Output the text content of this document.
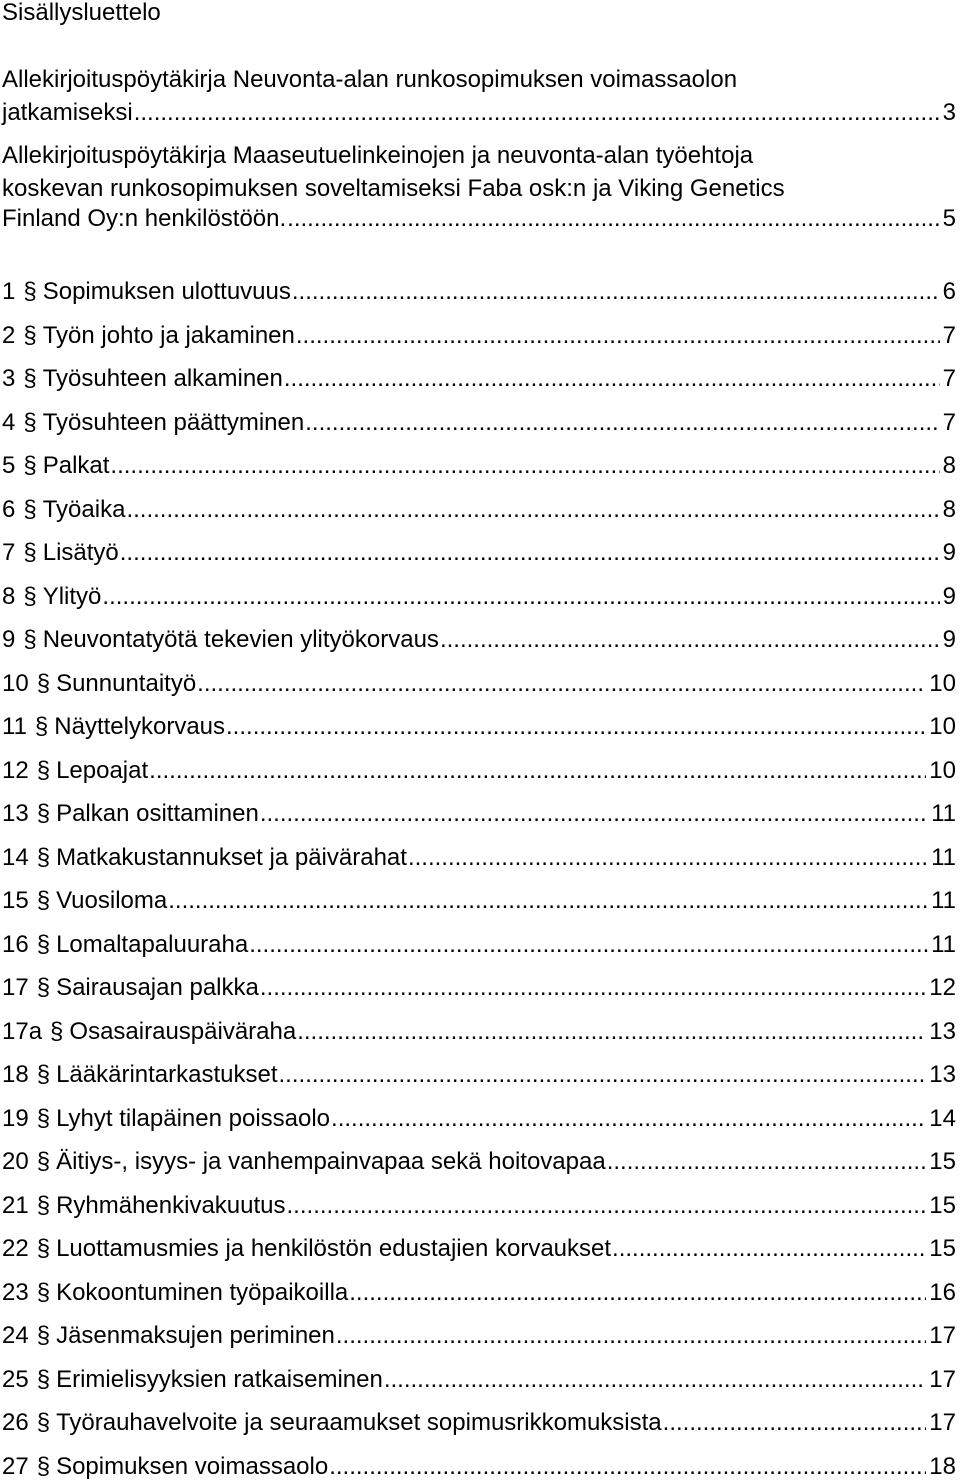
Sisällysluettelo
Allekirjoituspöytäkirja Neuvonta-alan runkosopimuksen voimassaolon
jatkamiseksi .....	3
Allekirjoituspöytäkirja Maaseutuelinkeinojen ja neuvonta-alan työehtoja
koskevan runkosopimuksen soveltamiseksi Faba osk:n ja Viking Genetics
Finland Oy:n henkilöstöön. .....	5
1 § Sopimuksen ulottuvuus .....	6
2 § Työn johto ja jakaminen .....	7
3 § Työsuhteen alkaminen .....	7
4 § Työsuhteen päättyminen .....	7
5 § Palkat .....	8
6 § Työaika .....	8
7 § Lisätyö .....	9
8 § Ylityö .....	9
9 § Neuvontatyötä tekevien ylityökorvaus .....	9
10 § Sunnuntaityö .....	10
11 § Näyttelykorvaus .....	10
12 § Lepoajat .....	10
13 § Palkan osittaminen .....	11
14 § Matkakustannukset ja päivärahat .....	11
15 § Vuosiloma .....	11
16 § Lomaltapaluuraha .....	11
17 § Sairausajan palkka .....	12
17a § Osasairauspäiväraha .....	13
18 § Lääkärintarkastukset .....	13
19 § Lyhyt tilapäinen poissaolo .....	14
20 § Äitiys-, isyys- ja vanhempainvapaa sekä hoitovapaa .....	15
21 § Ryhmähenkivakuutus .....	15
22 § Luottamusmies ja henkilöstön edustajien korvaukset .....	15
23 § Kokoontuminen työpaikoilla .....	16
24 § Jäsenmaksujen periminen .....	17
25 § Erimielisyyksien ratkaiseminen .....	17
26 § Työrauhavelvoite ja seuraamukset sopimusrikkomuksista .....	17
27 § Sopimuksen voimassaolo .....	18
